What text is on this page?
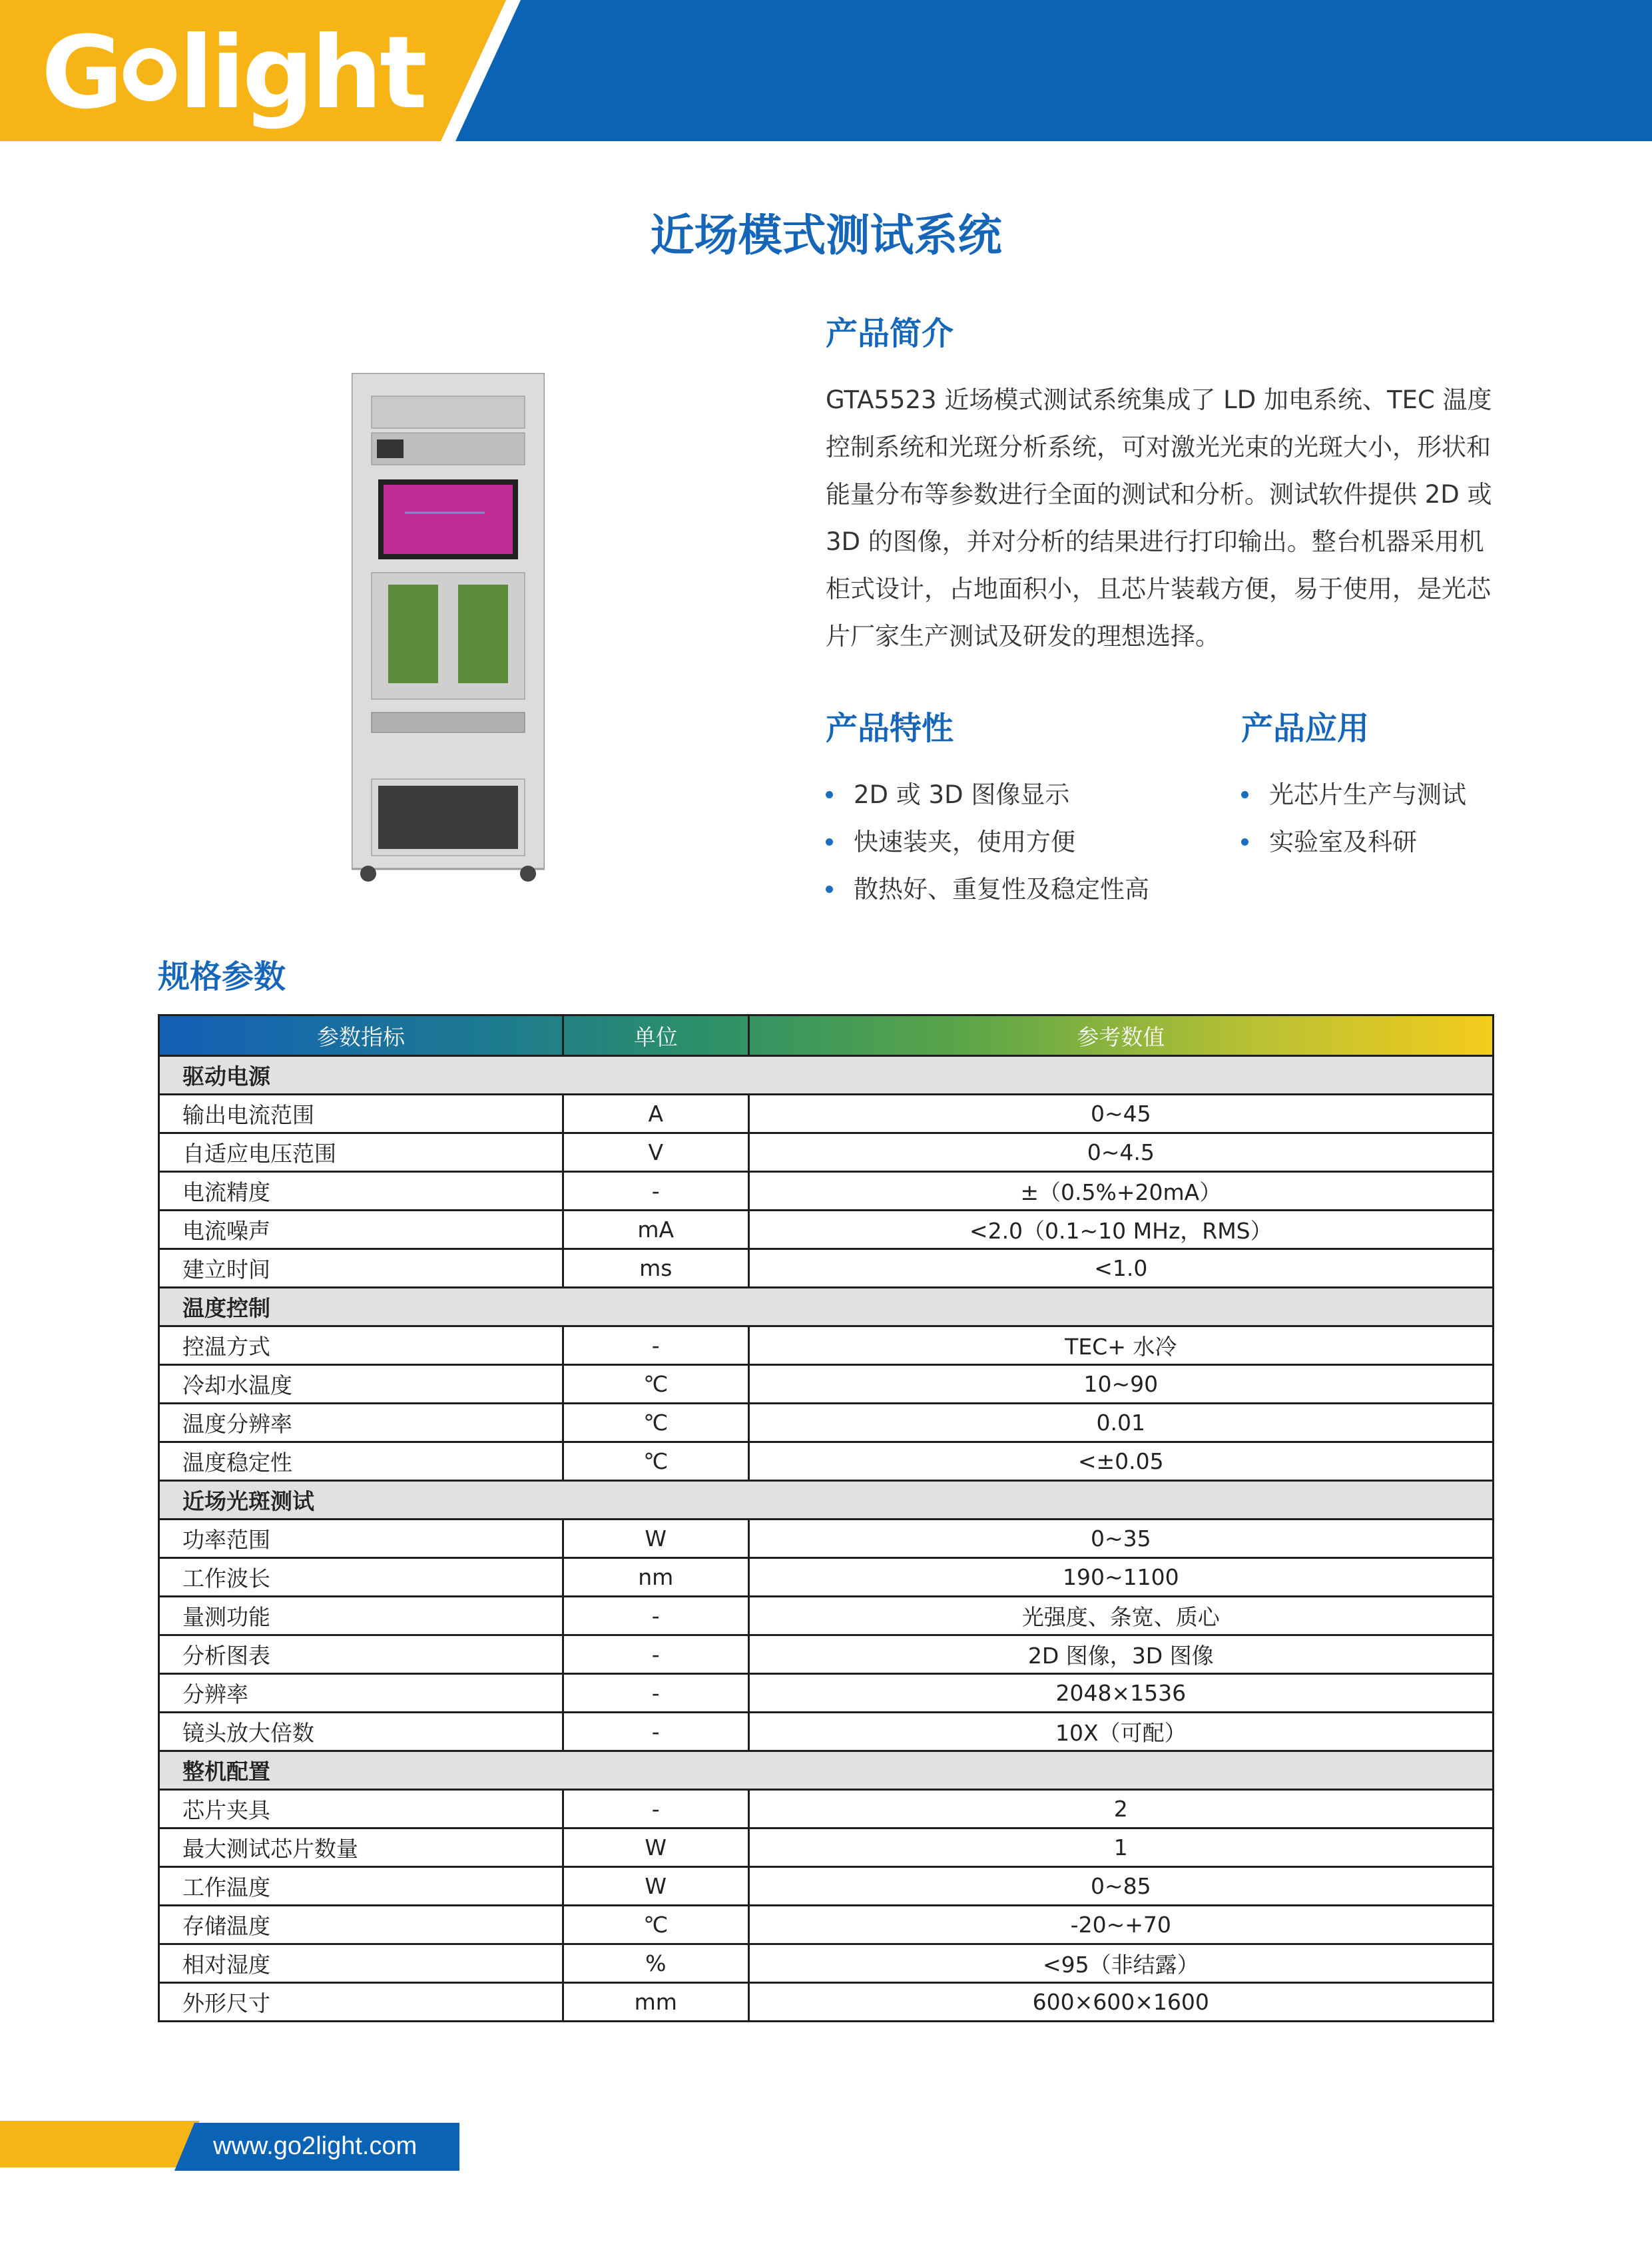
G light
近场模式测试系统
产品简介
GTA5523 近场模式测试系统集成了 LD 加电系统、TEC 温度控制系统和光斑分析系统，可对激光光束的光斑大小，形状和能量分布等参数进行全面的测试和分析。测试软件提供 2D 或 3D 的图像，并对分析的结果进行打印输出。整台机器采用机柜式设计，占地面积小，且芯片装载方便，易于使用，是光芯片厂家生产测试及研发的理想选择。
产品特性
2D 或 3D 图像显示
快速装夹，使用方便
散热好、重复性及稳定性高
产品应用
光芯片生产与测试
实验室及科研
规格参数
参数指标	单位	参考数值
驱动电源		
输出电流范围	A	0~45
自适应电压范围	V	0~4.5
电流精度	-	±（0.5%+20mA）
电流噪声	mA	<2.0（0.1~10 MHz，RMS）
建立时间	ms	<1.0
温度控制		
控温方式	-	TEC+ 水冷
冷却水温度	℃	10~90
温度分辨率	℃	0.01
温度稳定性	℃	<±0.05
近场光斑测试		
功率范围	W	0~35
工作波长	nm	190~1100
量测功能	-	光强度、条宽、质心
分析图表	-	2D 图像，3D 图像
分辨率	-	2048×1536
镜头放大倍数	-	10X（可配）
整机配置		
芯片夹具	-	2
最大测试芯片数量	W	1
工作温度	W	0~85
存储温度	℃	-20~+70
相对湿度	%	<95（非结露）
外形尺寸	mm	600×600×1600
www.go2light.com
